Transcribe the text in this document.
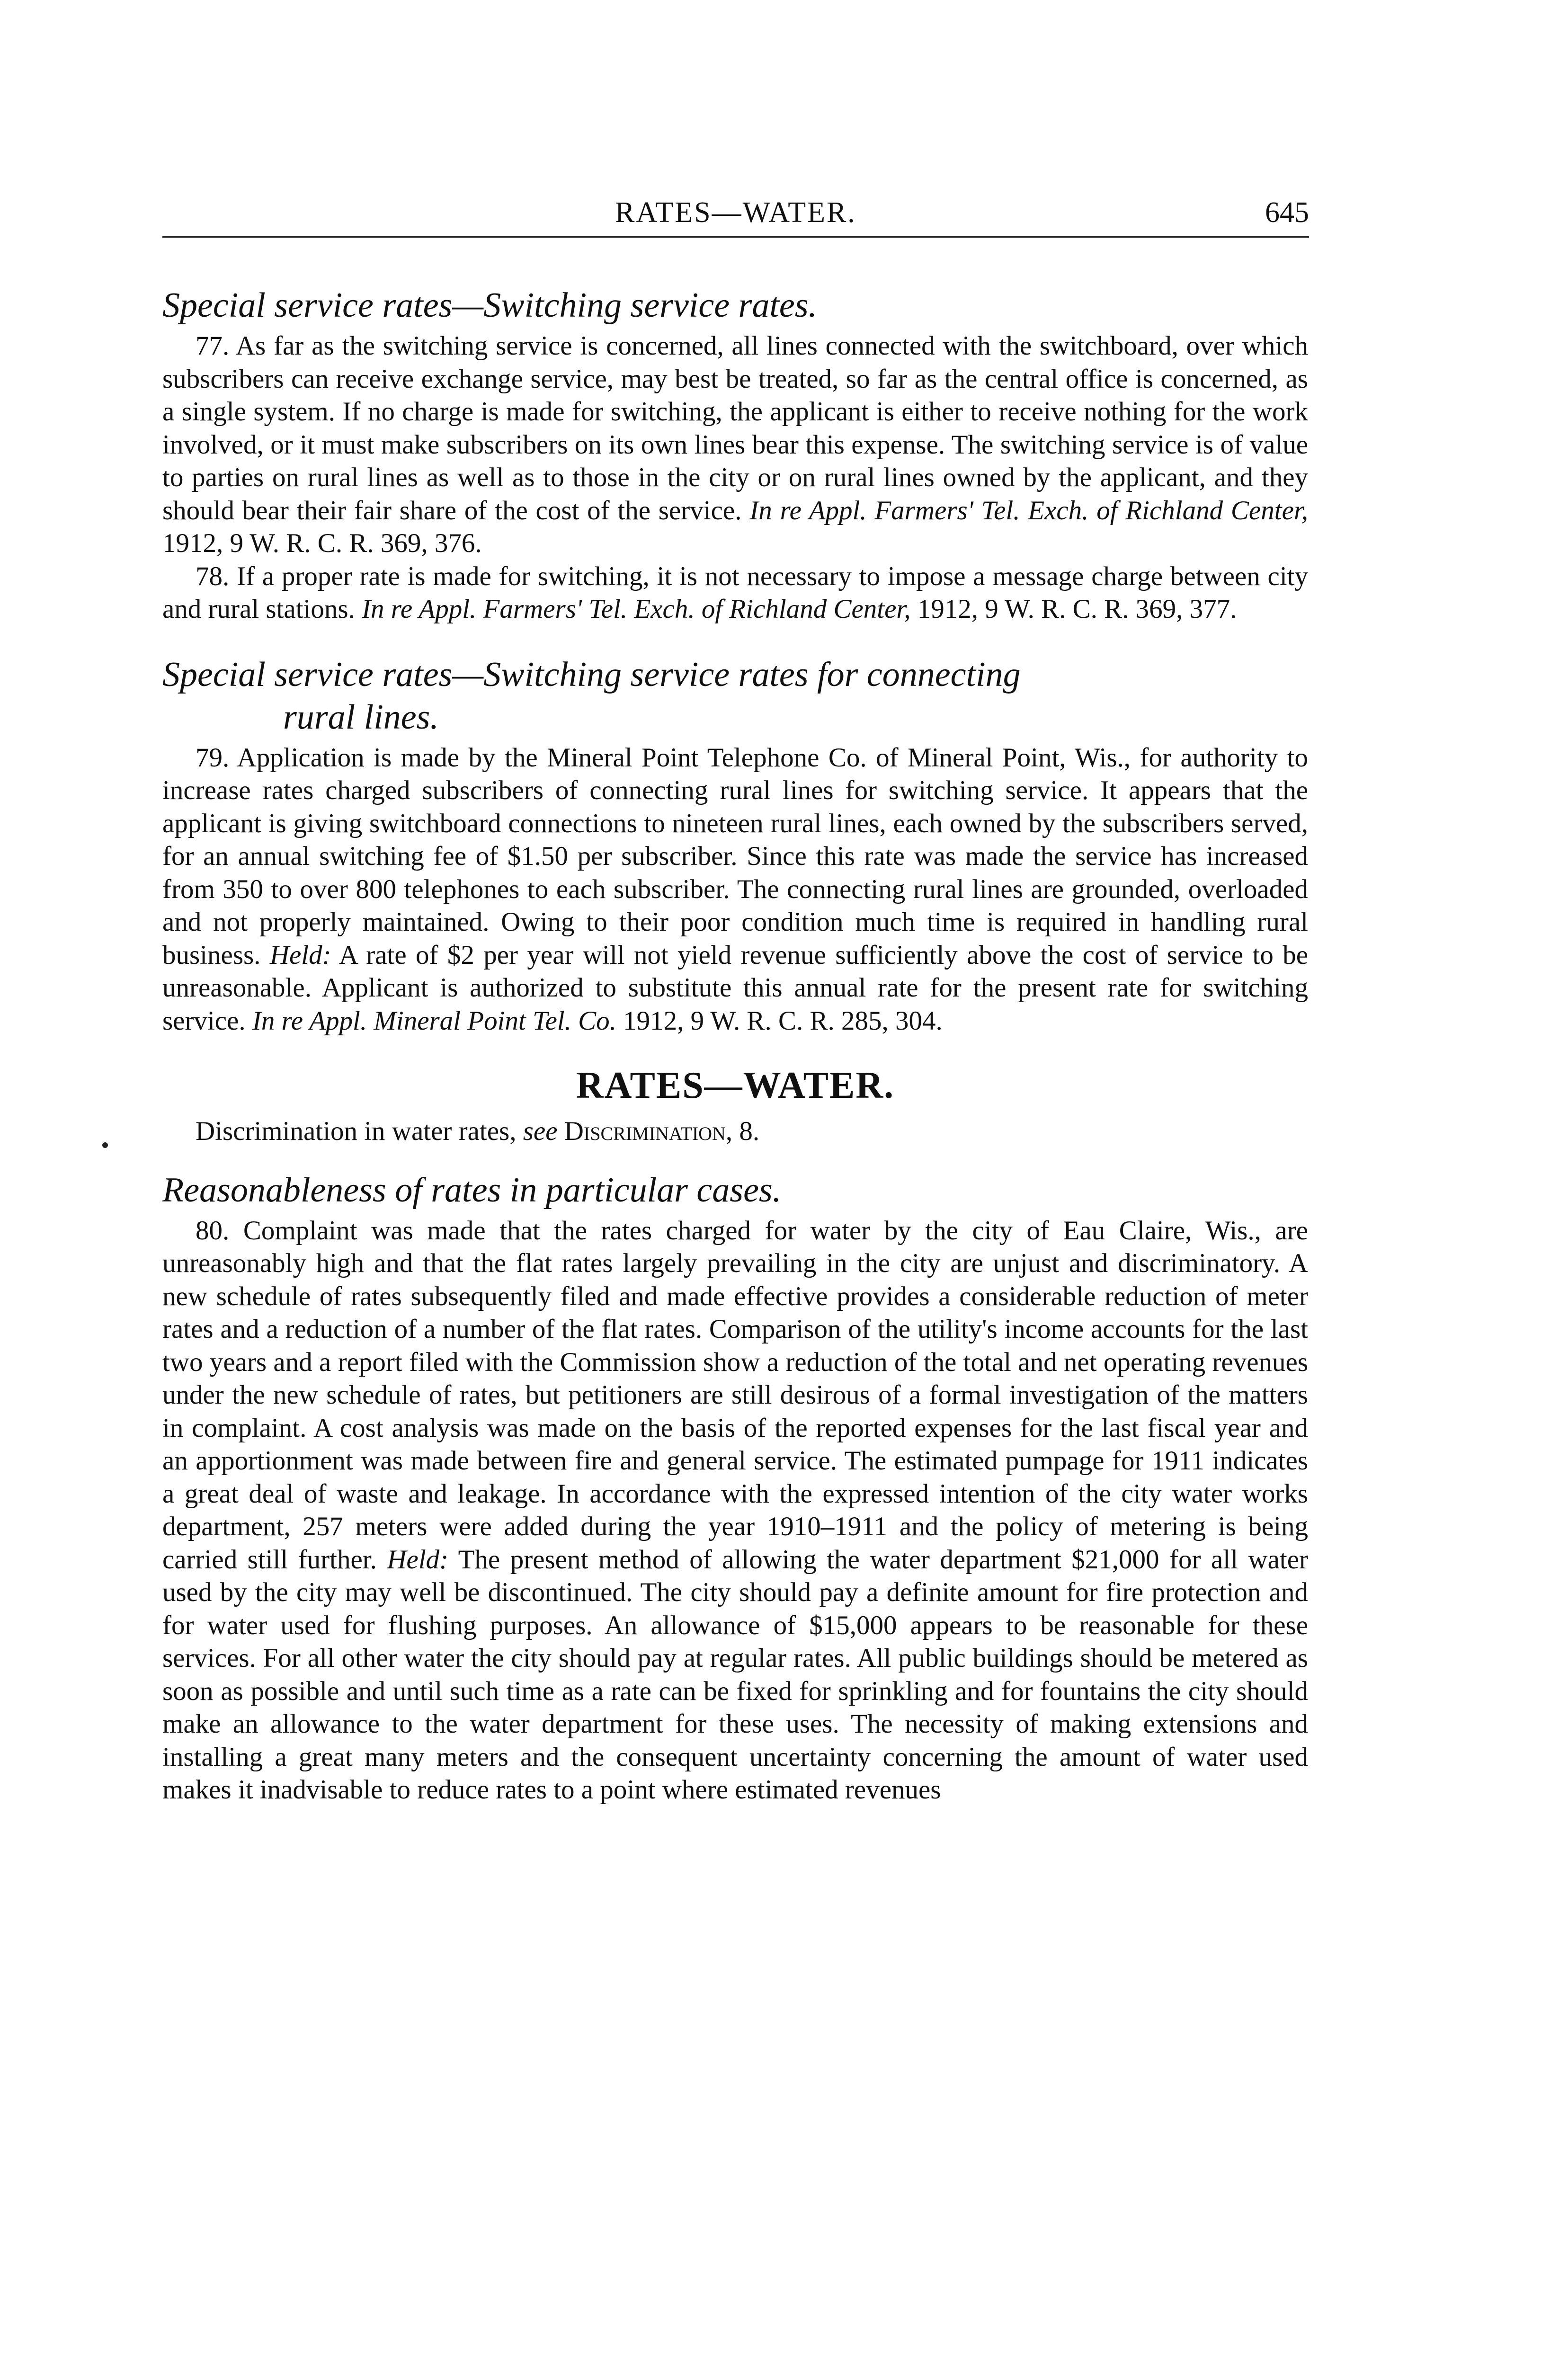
RATES—WATER.	645
Special service rates—Switching service rates.

77. As far as the switching service is concerned, all lines connected with the switchboard, over which subscribers can receive exchange service, may best be treated, so far as the central office is concerned, as a single system. If no charge is made for switching, the applicant is either to receive nothing for the work involved, or it must make subscribers on its own lines bear this expense. The switching service is of value to parties on rural lines as well as to those in the city or on rural lines owned by the applicant, and they should bear their fair share of the cost of the service. In re Appl. Farmers' Tel. Exch. of Richland Center, 1912, 9 W. R. C. R. 369, 376.

78. If a proper rate is made for switching, it is not necessary to impose a message charge between city and rural stations. In re Appl. Farmers' Tel. Exch. of Richland Center, 1912, 9 W. R. C. R. 369, 377.

Special service rates—Switching service rates for connecting
rural lines.

79. Application is made by the Mineral Point Telephone Co. of Mineral Point, Wis., for authority to increase rates charged subscribers of connecting rural lines for switching service. It appears that the applicant is giving switchboard connections to nineteen rural lines, each owned by the subscribers served, for an annual switching fee of $1.50 per subscriber. Since this rate was made the service has increased from 350 to over 800 telephones to each subscriber. The connecting rural lines are grounded, overloaded and not properly maintained. Owing to their poor condition much time is required in handling rural business. Held: A rate of $2 per year will not yield revenue sufficiently above the cost of service to be unreasonable. Applicant is authorized to substitute this annual rate for the present rate for switching service. In re Appl. Mineral Point Tel. Co. 1912, 9 W. R. C. R. 285, 304.

RATES—WATER.

Discrimination in water rates, see Discrimination, 8.

Reasonableness of rates in particular cases.

80. Complaint was made that the rates charged for water by the city of Eau Claire, Wis., are unreasonably high and that the flat rates largely prevailing in the city are unjust and discriminatory. A new schedule of rates subsequently filed and made effective provides a considerable reduction of meter rates and a reduction of a number of the flat rates. Comparison of the utility's income accounts for the last two years and a report filed with the Commission show a reduction of the total and net operating revenues under the new schedule of rates, but petitioners are still desirous of a formal investigation of the matters in complaint. A cost analysis was made on the basis of the reported expenses for the last fiscal year and an apportionment was made between fire and general service. The estimated pumpage for 1911 indicates a great deal of waste and leakage. In accordance with the expressed intention of the city water works department, 257 meters were added during the year 1910–1911 and the policy of metering is being carried still further. Held: The present method of allowing the water department $21,000 for all water used by the city may well be discontinued. The city should pay a definite amount for fire protection and for water used for flushing purposes. An allowance of $15,000 appears to be reasonable for these services. For all other water the city should pay at regular rates. All public buildings should be metered as soon as possible and until such time as a rate can be fixed for sprinkling and for fountains the city should make an allowance to the water department for these uses. The necessity of making extensions and installing a great many meters and the consequent uncertainty concerning the amount of water used makes it inadvisable to reduce rates to a point where estimated revenues
